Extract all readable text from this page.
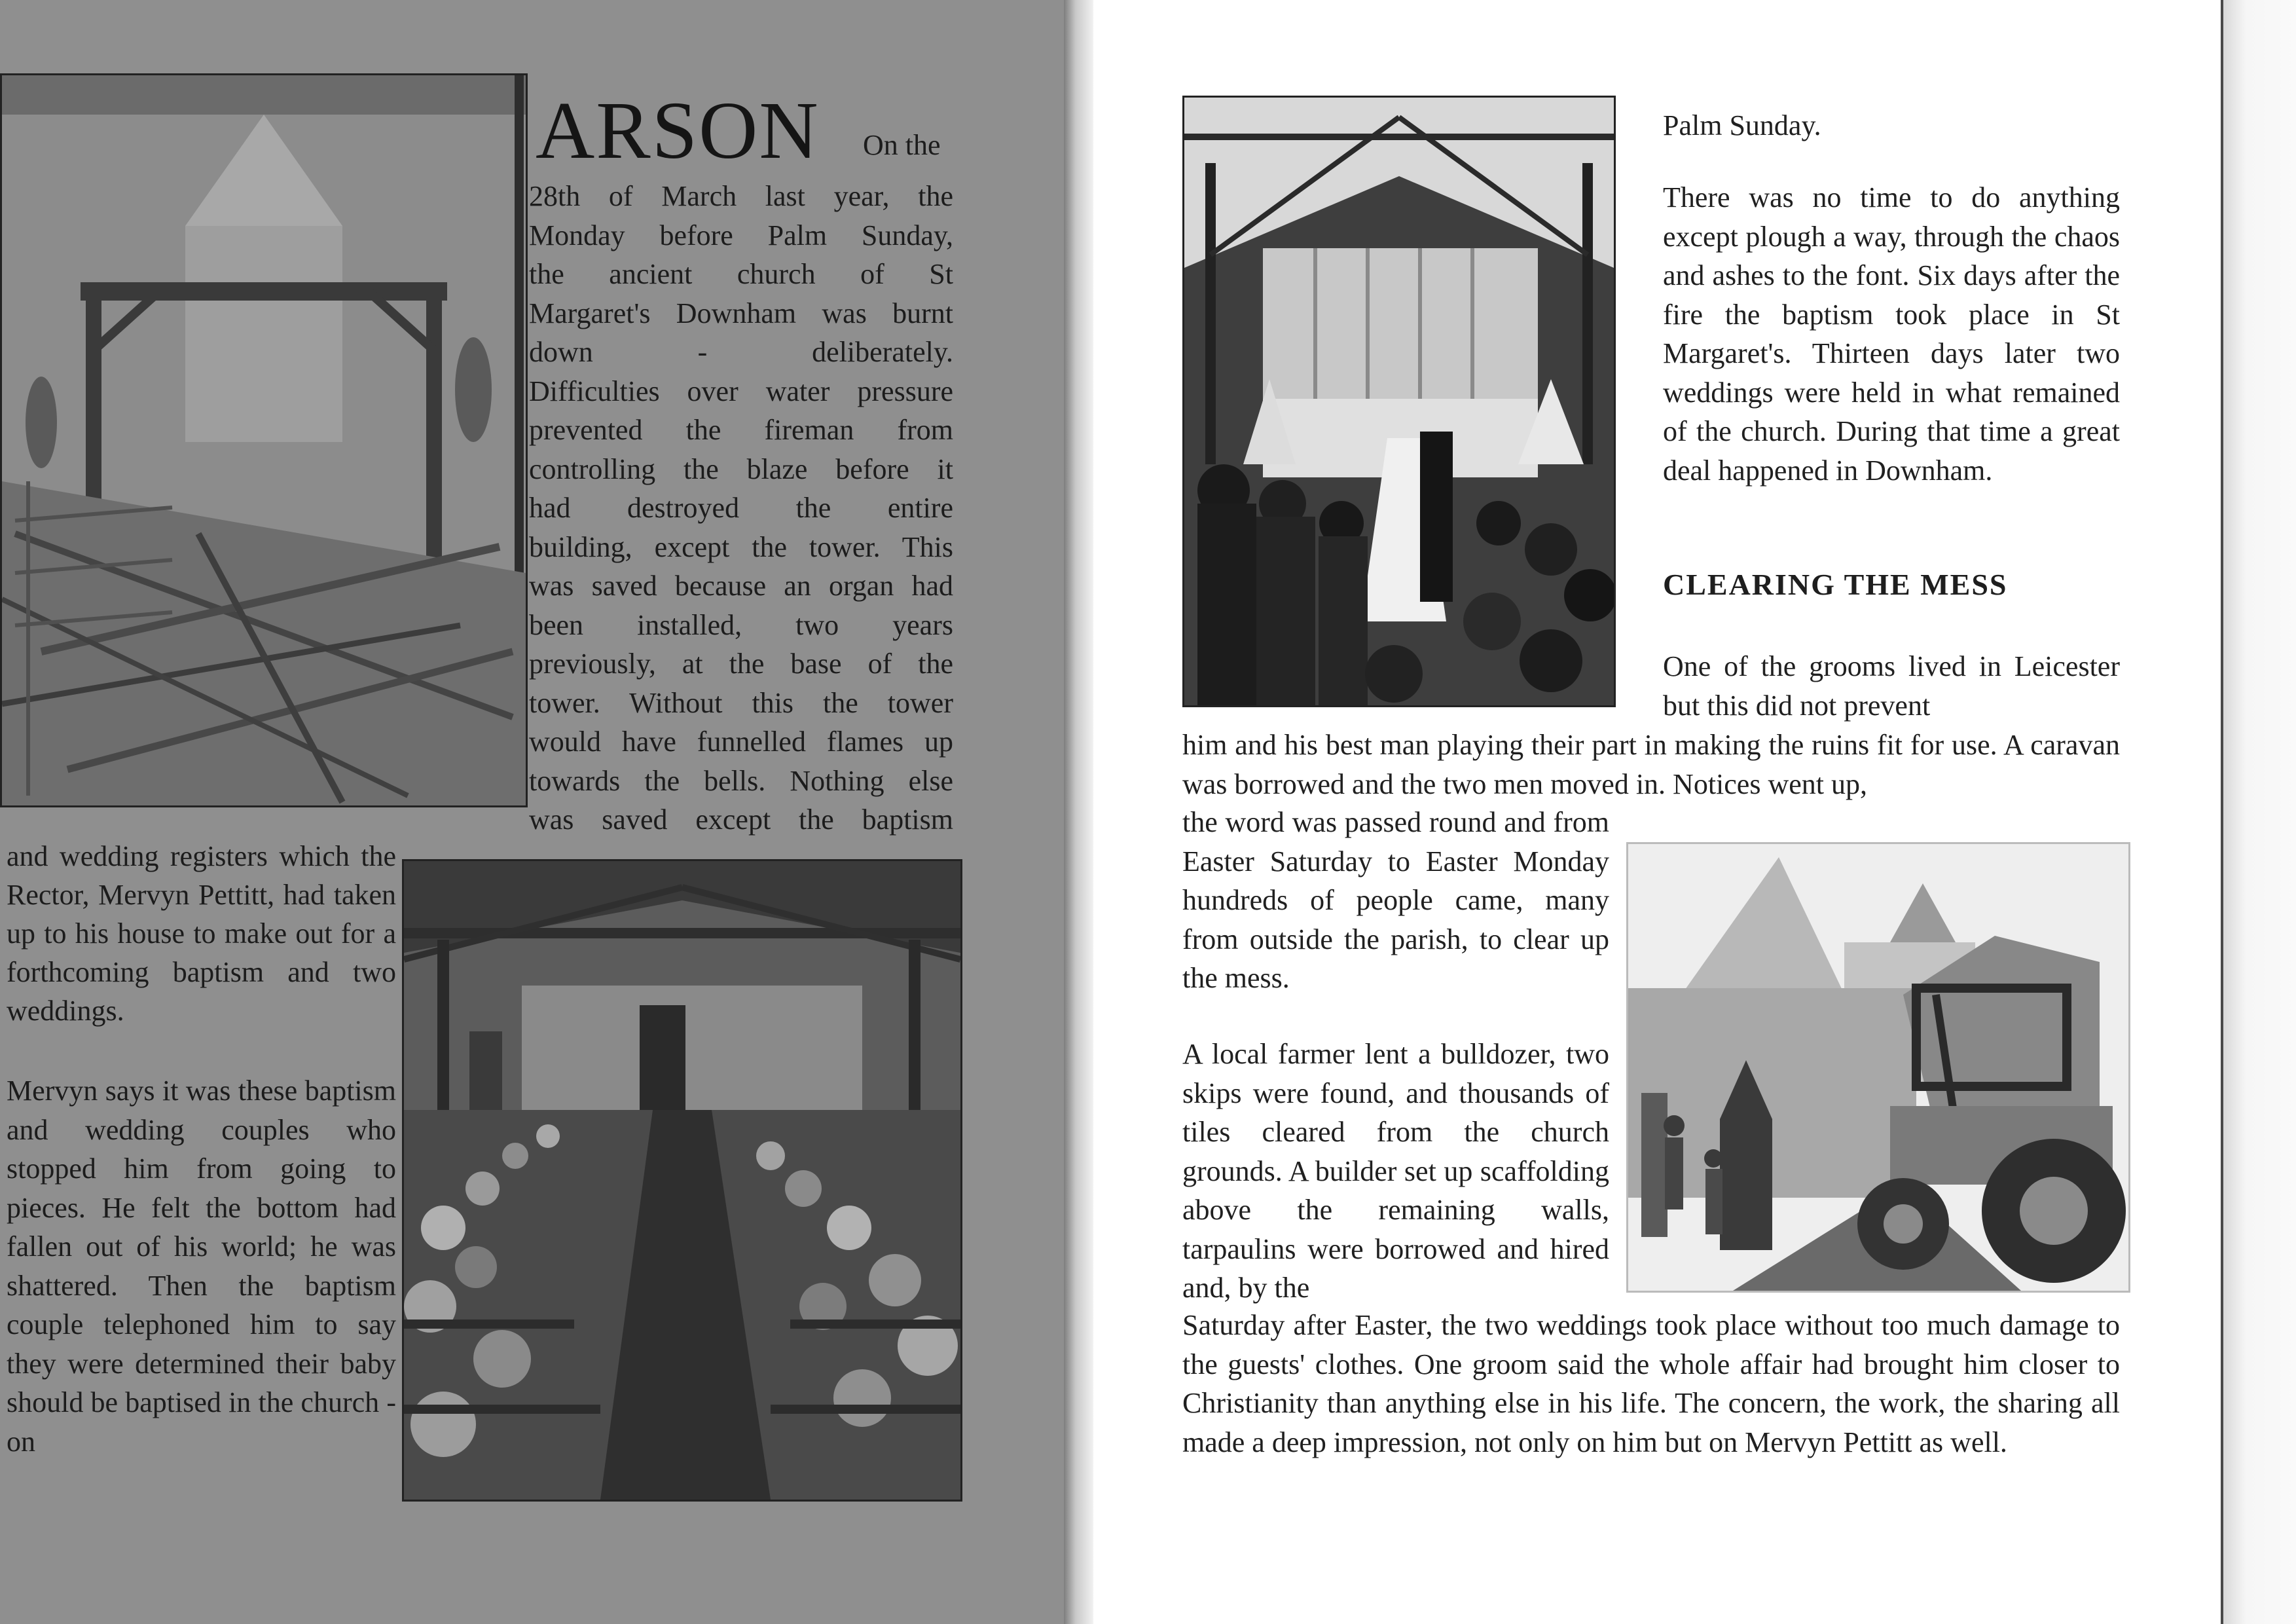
ARSON On the
28th of March last year, the
Monday before Palm Sunday,
the ancient church of St
Margaret's Downham was burnt
down - deliberately.
Difficulties over water pressure
prevented the fireman from
controlling the blaze before it
had destroyed the entire
building, except the tower. This
was saved because an organ had
been installed, two years
previously, at the base of the
tower. Without this the tower
would have funnelled flames up
towards the bells. Nothing else
was saved except the baptism

and wedding registers which the Rector, Mervyn Pettitt, had taken up to his house to make out for a forthcoming baptism and two weddings.

Mervyn says it was these baptism and wedding couples who stopped him from going to pieces. He felt the bottom had fallen out of his world; he was shattered. Then the baptism couple telephoned him to say they were determined their baby should be baptised in the church - on

Palm Sunday.

There was no time to do anything except plough a way, through the chaos and ashes to the font. Six days after the fire the baptism took place in St Margaret's. Thirteen days later two weddings were held in what remained of the church. During that time a great deal happened in Downham.

CLEARING THE MESS

One of the grooms lived in Leicester but this did not prevent

him and his best man playing their part in making the ruins fit for use. A caravan was borrowed and the two men moved in. Notices went up,

the word was passed round and from Easter Saturday to Easter Monday hundreds of people came, many from outside the parish, to clear up the mess.

A local farmer lent a bulldozer, two skips were found, and thousands of tiles cleared from the church grounds. A builder set up scaffolding above the remaining walls, tarpaulins were borrowed and hired and, by the

Saturday after Easter, the two weddings took place without too much damage to the guests' clothes. One groom said the whole affair had brought him closer to Christianity than anything else in his life. The concern, the work, the sharing all made a deep impression, not only on him but on Mervyn Pettitt as well.
